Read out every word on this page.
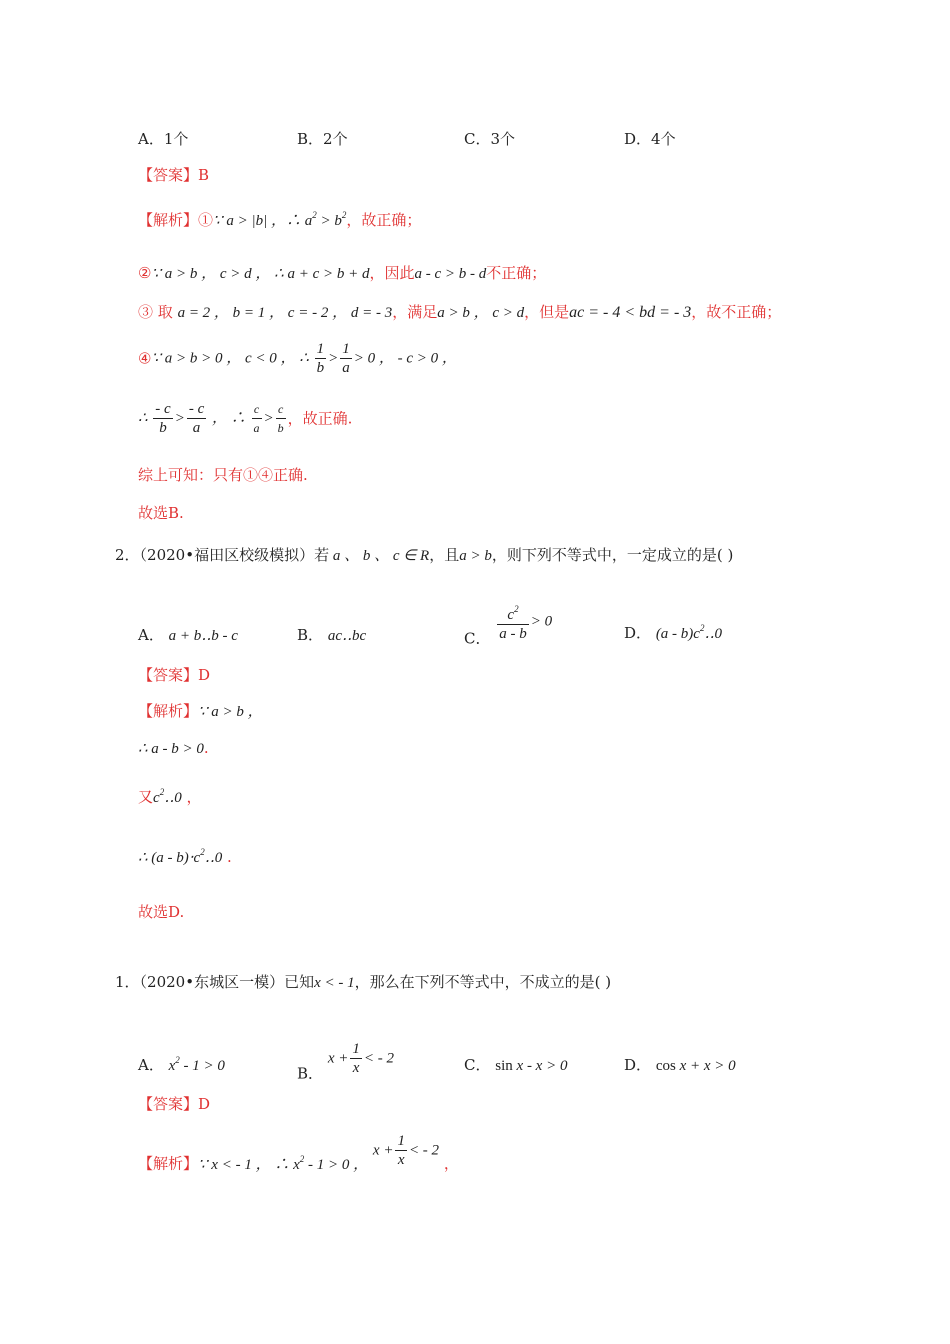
A．1个	B．2个	C．3个	D．4个
【答案】B
【解析】①∵ a > |b| ，∴ $a^2 > b^2$，故正确；
②∵ a > b ， c > d ， ∴ a + c > b + d，因此a - c > b - d不正确；
③ 取 a = 2 ， b = 1 ， c = - 2 ， d = - 3，满足a > b ， c > d，但是ac = - 4 < bd = - 3，故不正确；
④∵ a > b > 0 ， c < 0 ， ∴ $\frac{1}{b} > \frac{1}{a} > 0$ ， - c > 0 ，
∴ $\frac{- c}{b} > \frac{- c}{a}$ ， ∴ $\frac{c}{a} > \frac{c}{b}$ ，故正确.
综上可知：只有①④正确.
故选B.
2．（2020•福田区校级模拟）若 a 、 b 、 c ∈ R，且a > b，则下列不等式中，一定成立的是( )
A． a + b‥b - c	B． ac‥bc	C． $\frac{c^2}{a - b} > 0$
D． $(a - b)c^2‥0$
【答案】D
【解析】∵ a > b ，
∴ a - b > 0.
又$c^2‥0$ ，
∴ $(a - b)\cdot c^2‥0$ .
故选D.
1．（2020•东城区一模）已知x < - 1，那么在下列不等式中，不成立的是( )
A． $x^2 - 1 > 0$	B． $x + \frac{1}{x}$ < - 2	C． sin x - x > 0	D． cos x + x > 0
【答案】D
【解析】∵ x < - 1 ， ∴ $x^2 - 1 > 0$ ， $x + \frac{1}{x}$ < - 2 ，
